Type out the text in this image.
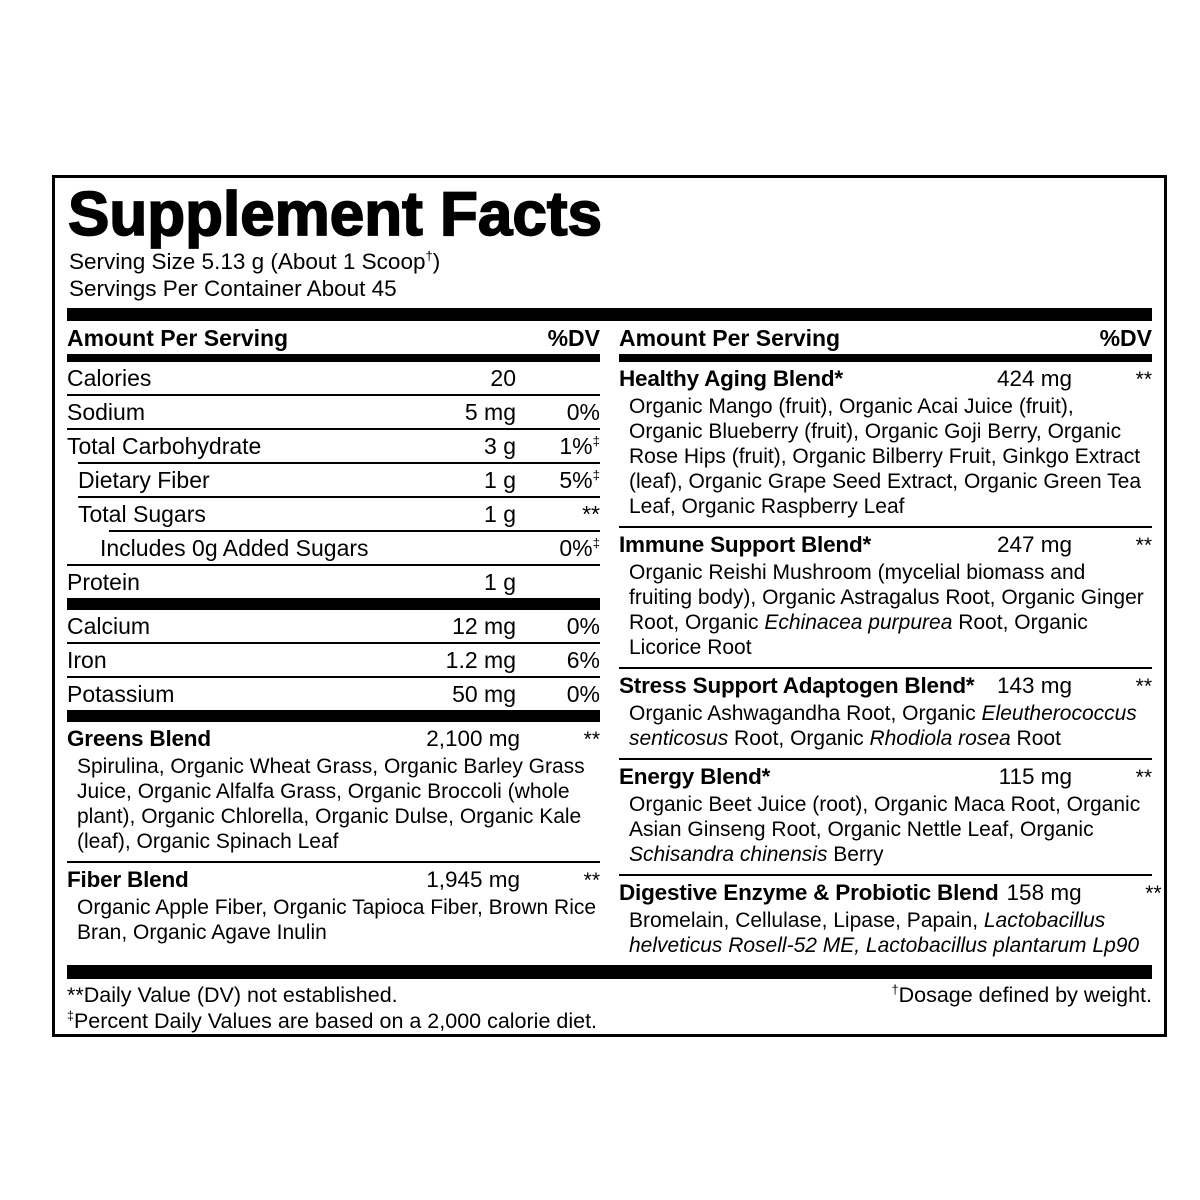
Supplement Facts
Serving Size 5.13 g (About 1 Scoop†)
Servings Per Container About 45
Amount Per Serving	%DV
Calories	20
Sodium	5 mg	0%
Total Carbohydrate	3 g	1%‡
Dietary Fiber	1 g	5%‡
Total Sugars	1 g	**
Includes 0g Added Sugars	0%‡
Protein	1 g
Calcium	12 mg	0%
Iron	1.2 mg	6%
Potassium	50 mg	0%
Greens Blend	2,100 mg	**
Spirulina, Organic Wheat Grass, Organic Barley Grass Juice, Organic Alfalfa Grass, Organic Broccoli (whole plant), Organic Chlorella, Organic Dulse, Organic Kale (leaf), Organic Spinach Leaf
Fiber Blend	1,945 mg	**
Organic Apple Fiber, Organic Tapioca Fiber, Brown Rice Bran, Organic Agave Inulin
Amount Per Serving	%DV
Healthy Aging Blend*	424 mg	**
Organic Mango (fruit), Organic Acai Juice (fruit), Organic Blueberry (fruit), Organic Goji Berry, Organic Rose Hips (fruit), Organic Bilberry Fruit, Ginkgo Extract (leaf), Organic Grape Seed Extract, Organic Green Tea Leaf, Organic Raspberry Leaf
Immune Support Blend*	247 mg	**
Organic Reishi Mushroom (mycelial biomass and fruiting body), Organic Astragalus Root, Organic Ginger Root, Organic Echinacea purpurea Root, Organic Licorice Root
Stress Support Adaptogen Blend* 143 mg	**
Organic Ashwagandha Root, Organic Eleutherococcus senticosus Root, Organic Rhodiola rosea Root
Energy Blend*	115 mg	**
Organic Beet Juice (root), Organic Maca Root, Organic Asian Ginseng Root, Organic Nettle Leaf, Organic Schisandra chinensis Berry
Digestive Enzyme & Probiotic Blend 158 mg	**
Bromelain, Cellulase, Lipase, Papain, Lactobacillus helveticus Rosell-52 ME, Lactobacillus plantarum Lp90
**Daily Value (DV) not established.
‡Percent Daily Values are based on a 2,000 calorie diet.
†Dosage defined by weight.
